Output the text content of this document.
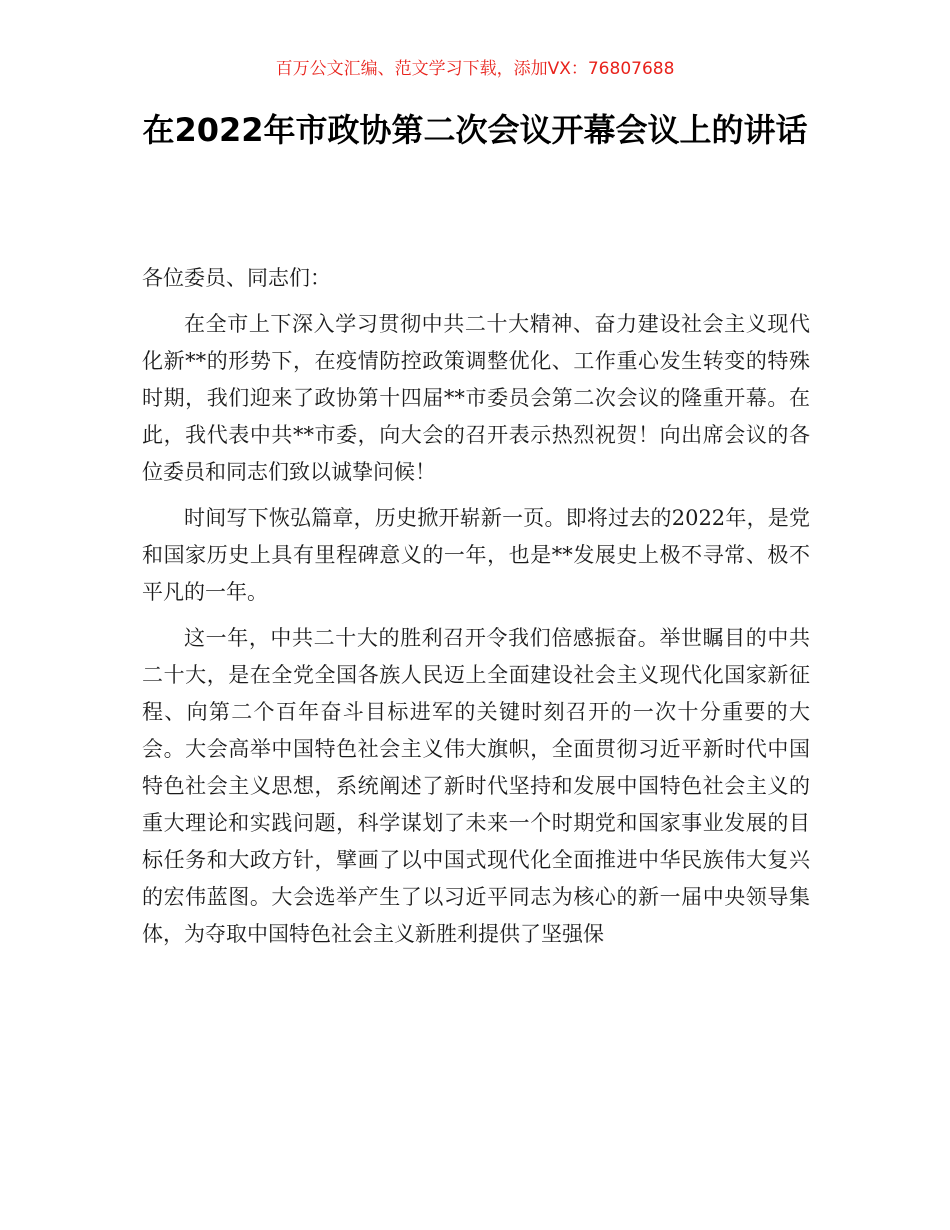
百万公文汇编、范文学习下载，添加VX：76807688
在2022年市政协第二次会议开幕会议上的讲话

各位委员、同志们：

在全市上下深入学习贯彻中共二十大精神、奋力建设社会主义现代化新**的形势下，在疫情防控政策调整优化、工作重心发生转变的特殊时期，我们迎来了政协第十四届**市委员会第二次会议的隆重开幕。在此，我代表中共**市委，向大会的召开表示热烈祝贺！向出席会议的各位委员和同志们致以诚挚问候！

时间写下恢弘篇章，历史掀开崭新一页。即将过去的2022年，是党和国家历史上具有里程碑意义的一年，也是**发展史上极不寻常、极不平凡的一年。

这一年，中共二十大的胜利召开令我们倍感振奋。举世瞩目的中共二十大，是在全党全国各族人民迈上全面建设社会主义现代化国家新征程、向第二个百年奋斗目标进军的关键时刻召开的一次十分重要的大会。大会高举中国特色社会主义伟大旗帜，全面贯彻习近平新时代中国特色社会主义思想，系统阐述了新时代坚持和发展中国特色社会主义的重大理论和实践问题，科学谋划了未来一个时期党和国家事业发展的目标任务和大政方针，擘画了以中国式现代化全面推进中华民族伟大复兴的宏伟蓝图。大会选举产生了以习近平同志为核心的新一届中央领导集体，为夺取中国特色社会主义新胜利提供了坚强保
